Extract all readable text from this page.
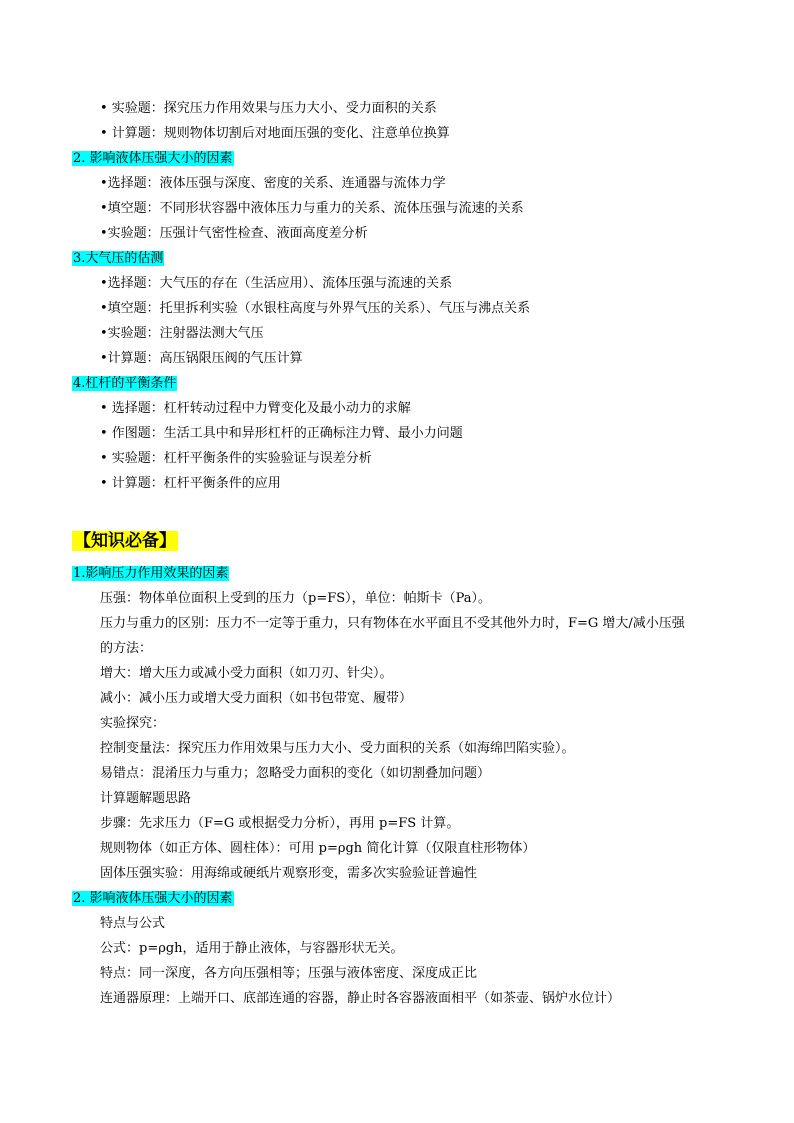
• 实验题：探究压力作用效果与压力大小、受力面积的关系
• 计算题：规则物体切割后对地面压强的变化、注意单位换算
2. 影响液体压强大小的因素
•选择题：液体压强与深度、密度的关系、连通器与流体力学
•填空题：不同形状容器中液体压力与重力的关系、流体压强与流速的关系
•实验题：压强计气密性检查、液面高度差分析
3.大气压的估测
•选择题：大气压的存在（生活应用）、流体压强与流速的关系
•填空题：托里拆利实验（水银柱高度与外界气压的关系）、气压与沸点关系
•实验题：注射器法测大气压
•计算题：高压锅限压阀的气压计算
4.杠杆的平衡条件
• 选择题：杠杆转动过程中力臂变化及最小动力的求解
• 作图题：生活工具中和异形杠杆的正确标注力臂、最小力问题
• 实验题：杠杆平衡条件的实验验证与误差分析
• 计算题：杠杆平衡条件的应用
【知识必备】
1.影响压力作用效果的因素
压强：物体单位面积上受到的压力（p=FS），单位：帕斯卡（Pa）。
压力与重力的区别：压力不一定等于重力，只有物体在水平面且不受其他外力时，F=G 增大/减小压强
的方法：
增大：增大压力或减小受力面积（如刀刃、针尖）。
减小：减小压力或增大受力面积（如书包带宽、履带）
实验探究：
控制变量法：探究压力作用效果与压力大小、受力面积的关系（如海绵凹陷实验）。
易错点：混淆压力与重力；忽略受力面积的变化（如切割叠加问题）
计算题解题思路
步骤：先求压力（F=G 或根据受力分析），再用 p=FS 计算。
规则物体（如正方体、圆柱体）：可用 p=ρgh 简化计算（仅限直柱形物体）
固体压强实验：用海绵或硬纸片观察形变，需多次实验验证普遍性
2. 影响液体压强大小的因素
特点与公式
公式：p=ρgh，适用于静止液体，与容器形状无关。
特点：同一深度，各方向压强相等；压强与液体密度、深度成正比
连通器原理：上端开口、底部连通的容器，静止时各容器液面相平（如茶壶、锅炉水位计）
